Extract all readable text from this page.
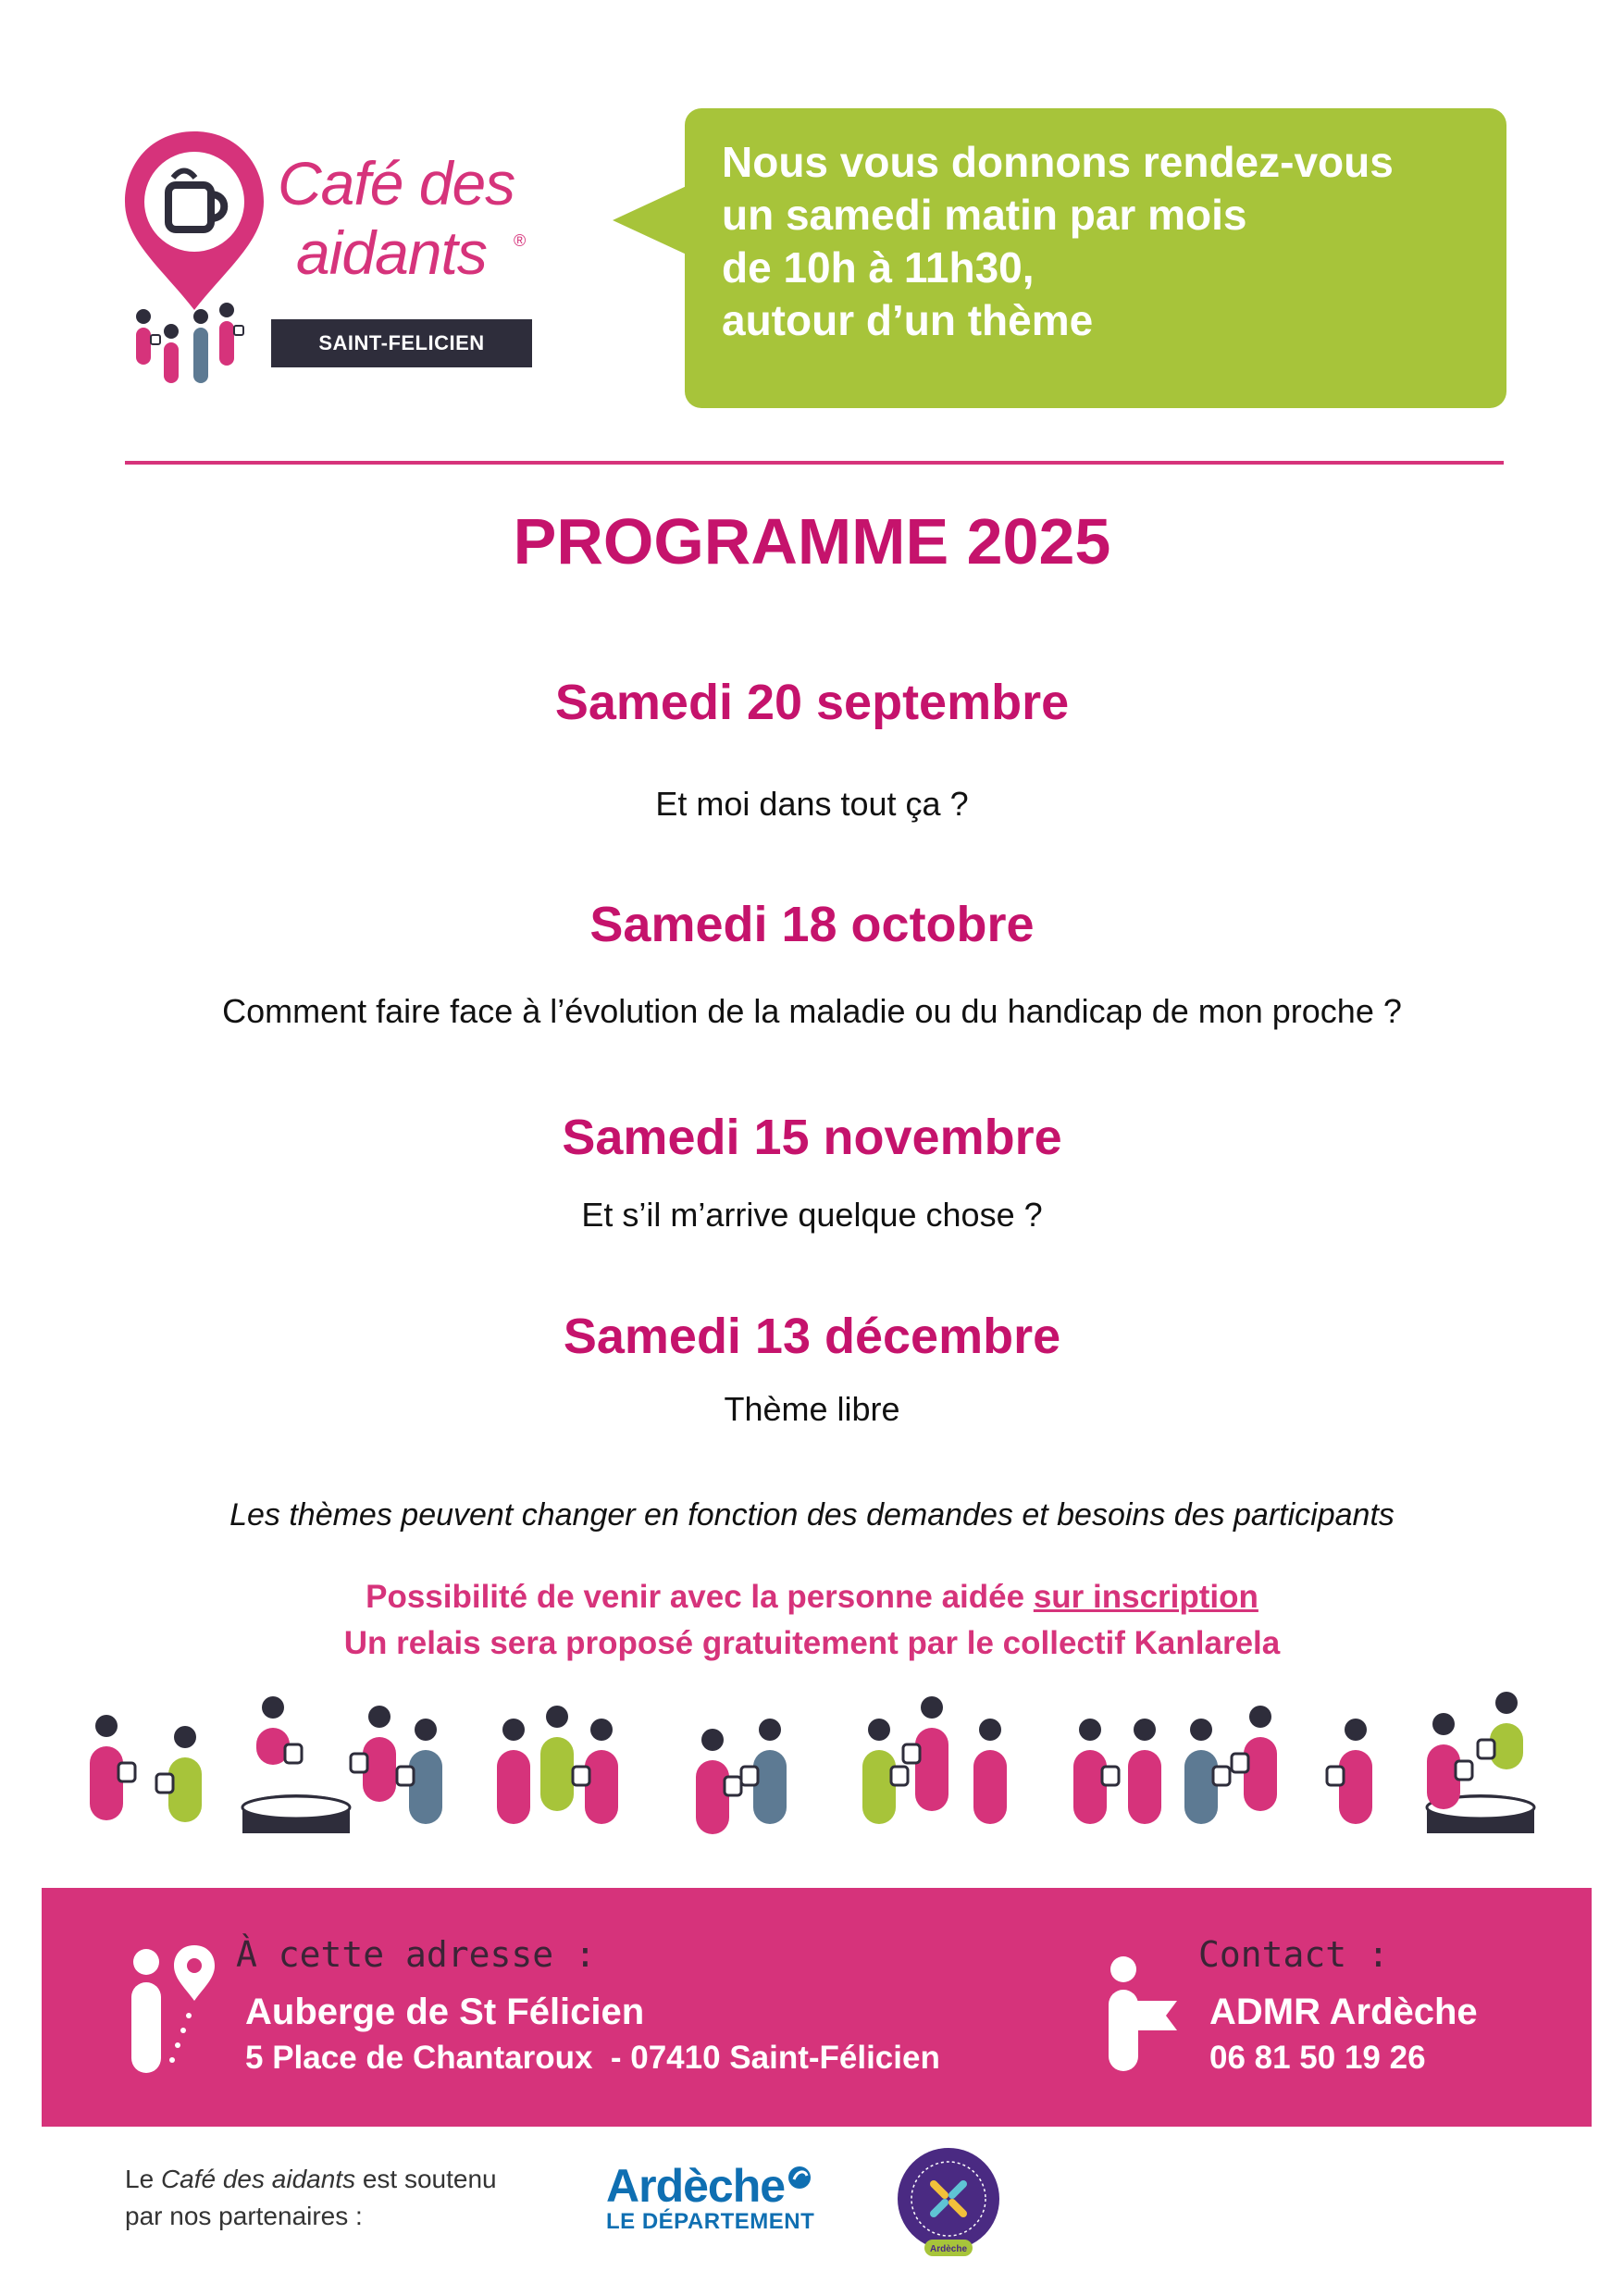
Café des
aidants ®
SAINT-FELICIEN
Nous vous donnons rendez-vous
un samedi matin par mois
de 10h à 11h30,
autour d’un thème
PROGRAMME 2025
Samedi 20 septembre
Et moi dans tout ça ?
Samedi 18 octobre
Comment faire face à l’évolution de la maladie ou du handicap de mon proche ?
Samedi 15 novembre
Et s’il m’arrive quelque chose ?
Samedi 13 décembre
Thème libre
Les thèmes peuvent changer en fonction des demandes et besoins des participants
Possibilité de venir avec la personne aidée sur inscription
Un relais sera proposé gratuitement par le collectif Kanlarela
À cette adresse :
Auberge de St Félicien
5 Place de Chantaroux  - 07410 Saint-Félicien
Contact :
ADMR Ardèche
06 81 50 19 26
Le Café des aidants est soutenu
par nos partenaires :
Ardèche
LE DÉPARTEMENT
Ardèche
